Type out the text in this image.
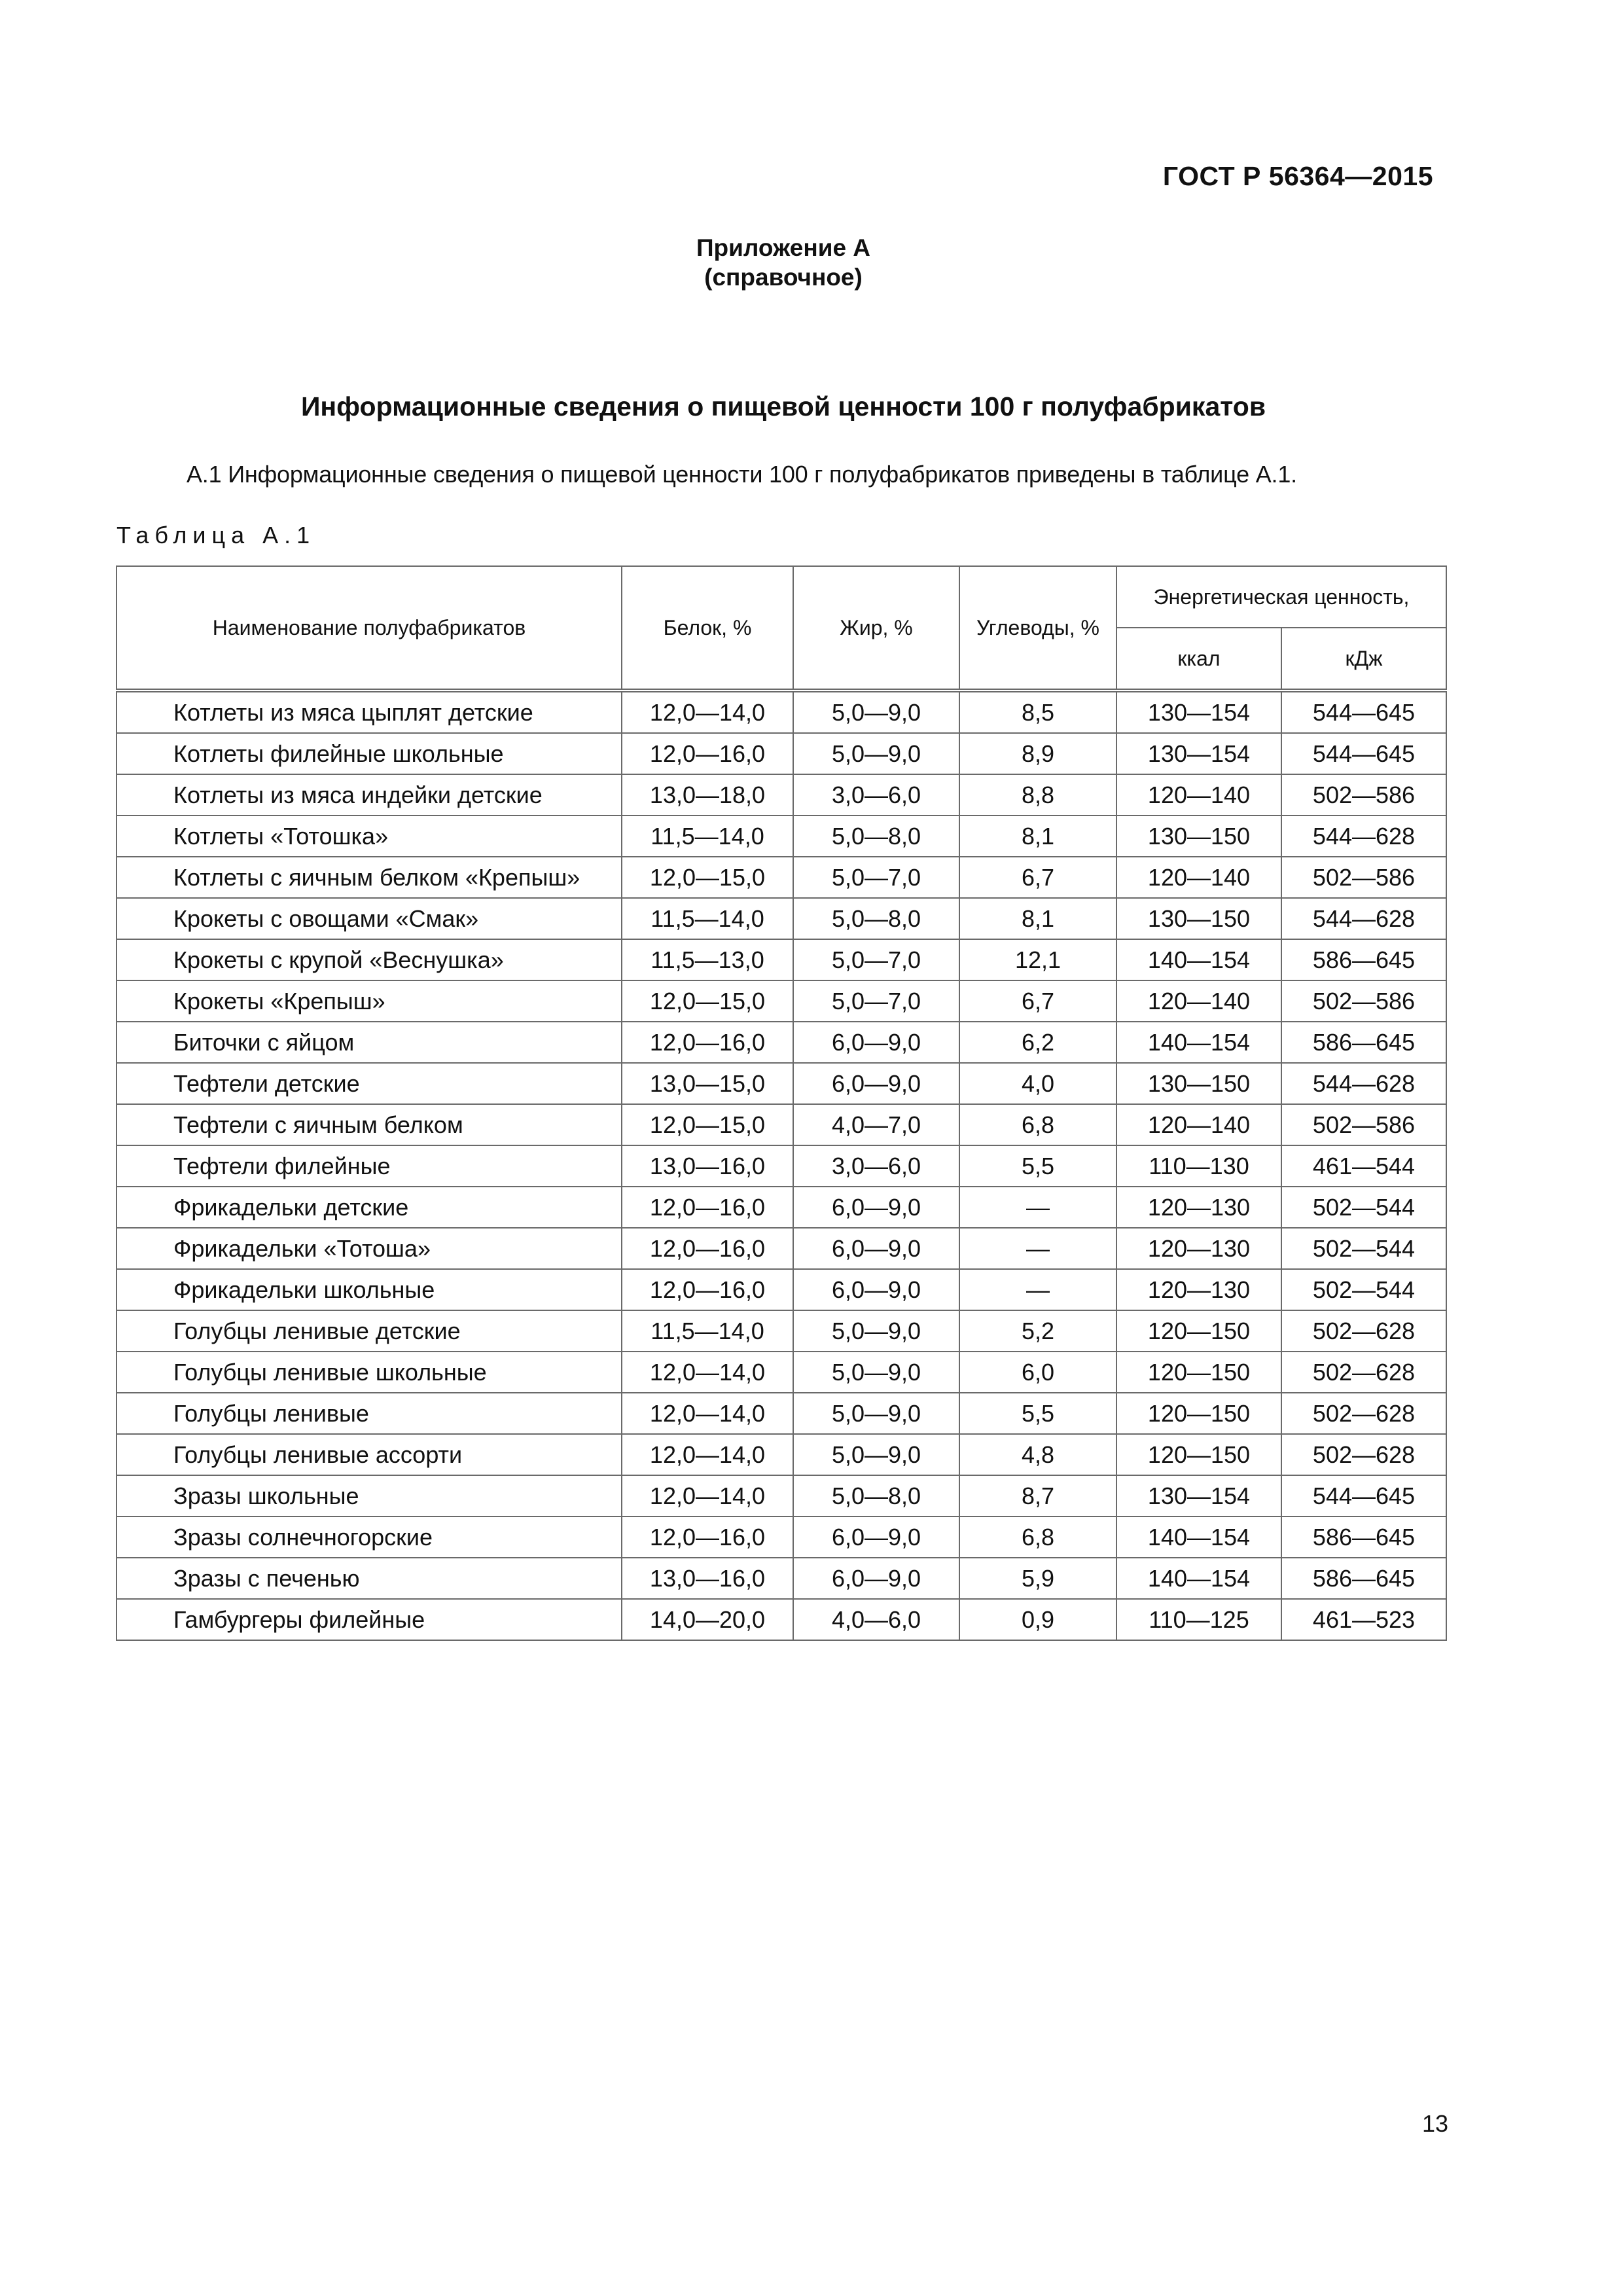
ГОСТ Р 56364—2015
Приложение А
(справочное)
Информационные сведения о пищевой ценности 100 г полуфабрикатов
А.1 Информационные сведения о пищевой ценности 100 г полуфабрикатов приведены в таблице А.1.
Таблица А.1
Наименование полуфабрикатов	Белок, %	Жир, %	Углеводы, %	Энергетическая ценность,	
				ккал	кДж
Котлеты из мяса цыплят детские	12,0—14,0	5,0—9,0	8,5	130—154	544—645
Котлеты филейные школьные	12,0—16,0	5,0—9,0	8,9	130—154	544—645
Котлеты из мяса индейки детские	13,0—18,0	3,0—6,0	8,8	120—140	502—586
Котлеты «Тотошка»	11,5—14,0	5,0—8,0	8,1	130—150	544—628
Котлеты с яичным белком «Крепыш»	12,0—15,0	5,0—7,0	6,7	120—140	502—586
Крокеты с овощами «Смак»	11,5—14,0	5,0—8,0	8,1	130—150	544—628
Крокеты с крупой «Веснушка»	11,5—13,0	5,0—7,0	12,1	140—154	586—645
Крокеты «Крепыш»	12,0—15,0	5,0—7,0	6,7	120—140	502—586
Биточки с яйцом	12,0—16,0	6,0—9,0	6,2	140—154	586—645
Тефтели детские	13,0—15,0	6,0—9,0	4,0	130—150	544—628
Тефтели с яичным белком	12,0—15,0	4,0—7,0	6,8	120—140	502—586
Тефтели филейные	13,0—16,0	3,0—6,0	5,5	110—130	461—544
Фрикадельки детские	12,0—16,0	6,0—9,0	—	120—130	502—544
Фрикадельки «Тотоша»	12,0—16,0	6,0—9,0	—	120—130	502—544
Фрикадельки школьные	12,0—16,0	6,0—9,0	—	120—130	502—544
Голубцы ленивые детские	11,5—14,0	5,0—9,0	5,2	120—150	502—628
Голубцы ленивые школьные	12,0—14,0	5,0—9,0	6,0	120—150	502—628
Голубцы ленивые	12,0—14,0	5,0—9,0	5,5	120—150	502—628
Голубцы ленивые ассорти	12,0—14,0	5,0—9,0	4,8	120—150	502—628
Зразы школьные	12,0—14,0	5,0—8,0	8,7	130—154	544—645
Зразы солнечногорские	12,0—16,0	6,0—9,0	6,8	140—154	586—645
Зразы с печенью	13,0—16,0	6,0—9,0	5,9	140—154	586—645
Гамбургеры филейные	14,0—20,0	4,0—6,0	0,9	110—125	461—523
13
